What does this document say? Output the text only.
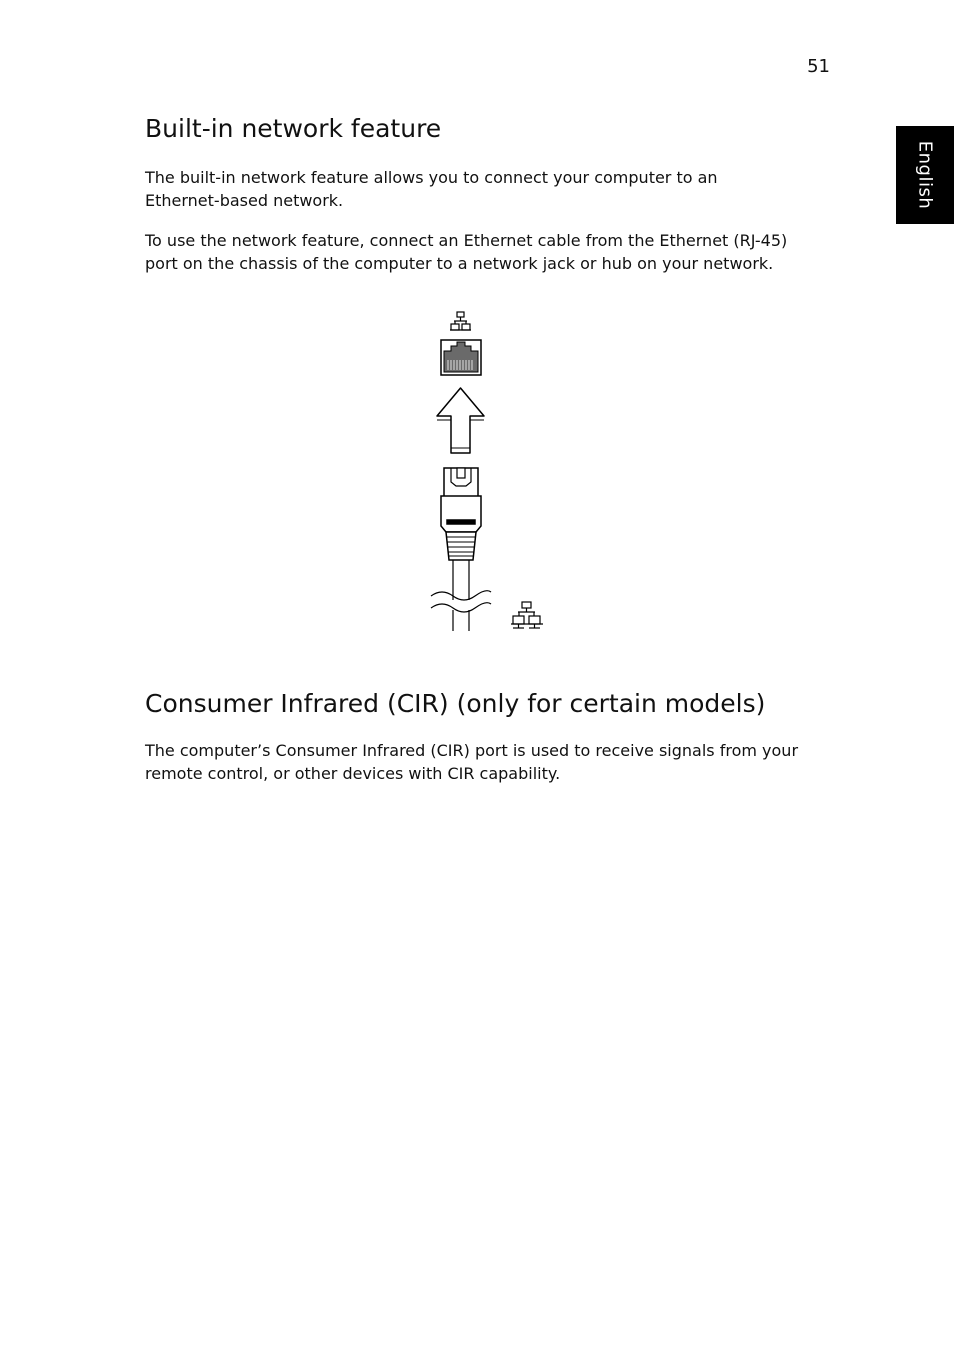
51
English
Built-in network feature

The built-in network feature allows you to connect your computer to an Ethernet-based network.

To use the network feature, connect an Ethernet cable from the Ethernet (RJ-45) port on the chassis of the computer to a network jack or hub on your network.

Consumer Infrared (CIR) (only for certain models)

The computer’s Consumer Infrared (CIR) port is used to receive signals from your remote control, or other devices with CIR capability.
